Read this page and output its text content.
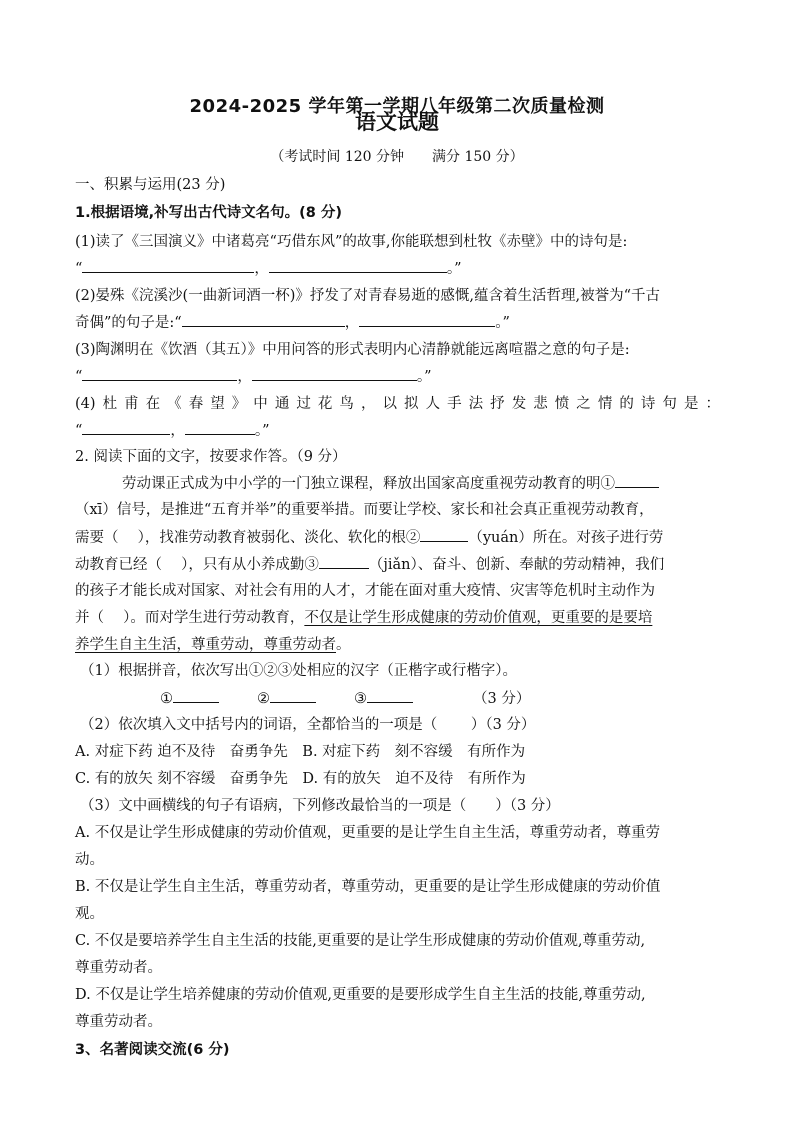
2024-2025 学年第一学期八年级第二次质量检测
语文试题
（考试时间 120 分钟　　满分 150 分）
一、积累与运用(23 分)
1.根据语境,补写出古代诗文名句。(8 分)
(1)读了《三国演义》中诸葛亮“巧借东风”的故事,你能联想到杜牧《赤壁》中的诗句是:
“	，	。”
(2)晏殊《浣溪沙(一曲新词酒一杯)》抒发了对青春易逝的感慨,蕴含着生活哲理,被誉为“千古
奇偶”的句子是:“	，	。”
(3)陶渊明在《饮酒（其五）》中用问答的形式表明内心清静就能远离喧嚣之意的句子是:
“	，	。”
(4)杜甫在《春望》中通过花鸟，以拟人手法抒发悲愤之情的诗句是：
“	，	。”
2. 阅读下面的文字，按要求作答。（9 分）
劳动课正式成为中小学的一门独立课程，释放出国家高度重视劳动教育的明①
（xī）信号，是推进“五育并举”的重要举措。而要让学校、家长和社会真正重视劳动教育，
需要（　 ），找准劳动教育被弱化、淡化、软化的根②	（yuán）所在。对孩子进行劳
动教育已经（　 ），只有从小养成勤③	（jiǎn）、奋斗、创新、奉献的劳动精神，我们
的孩子才能长成对国家、对社会有用的人才，才能在面对重大疫情、灾害等危机时主动作为
并（　 ）。而对学生进行劳动教育，不仅是让学生形成健康的劳动价值观，更重要的是要培
养学生自主生活，尊重劳动，尊重劳动者。
（1）根据拼音，依次写出①②③处相应的汉字（正楷字或行楷字）。
①	②	③	（3 分）
（2）依次填入文中括号内的词语，全都恰当的一项是（　　 ）（3 分）
A. 对症下药 迫不及待　奋勇争先　B. 对症下药　刻不容缓　有所作为
C. 有的放矢 刻不容缓　奋勇争先　D. 有的放矢　迫不及待　有所作为
（3）文中画横线的句子有语病，下列修改最恰当的一项是（　　）（3 分）
A. 不仅是让学生形成健康的劳动价值观，更重要的是让学生自主生活，尊重劳动者，尊重劳
动。
B. 不仅是让学生自主生活，尊重劳动者，尊重劳动，更重要的是让学生形成健康的劳动价值
观。
C. 不仅是要培养学生自主生活的技能,更重要的是让学生形成健康的劳动价值观,尊重劳动,
尊重劳动者。
D. 不仅是让学生培养健康的劳动价值观,更重要的是要形成学生自主生活的技能,尊重劳动,
尊重劳动者。
3、名著阅读交流(6 分)
